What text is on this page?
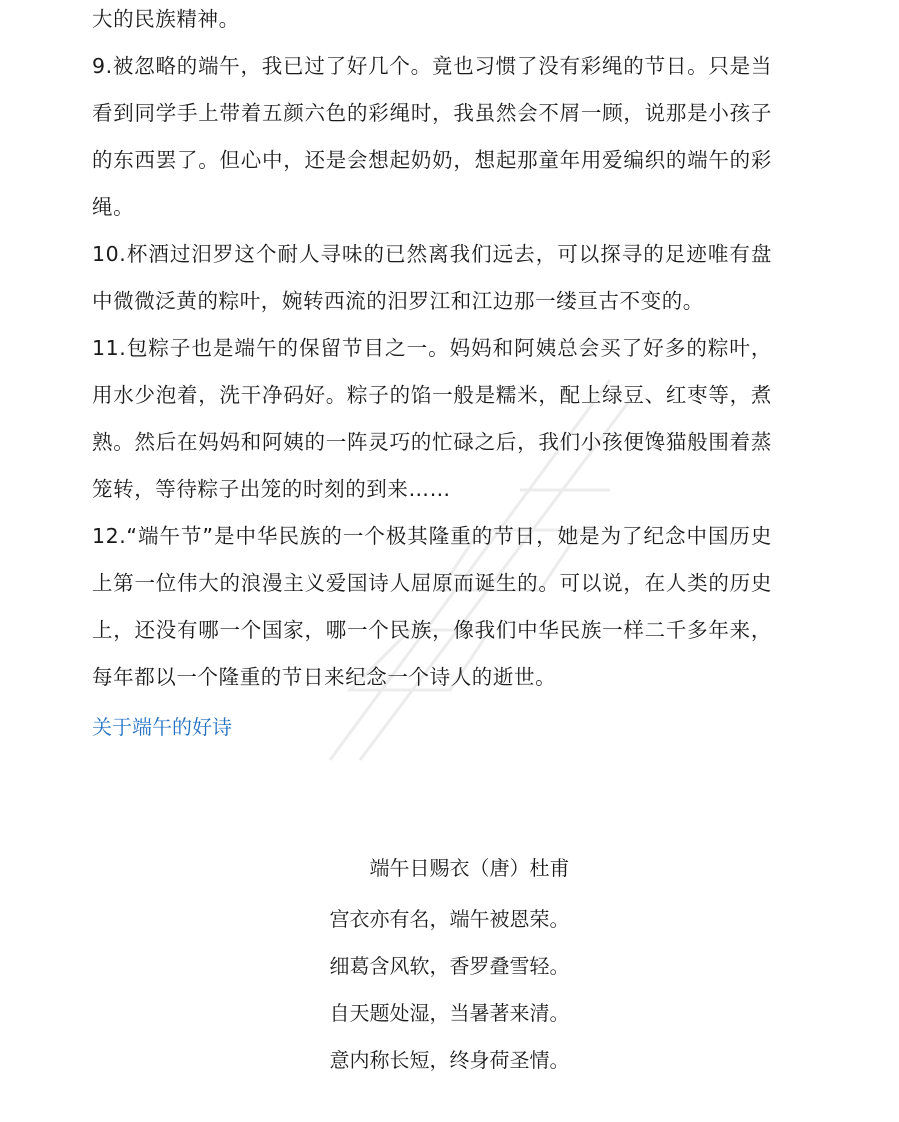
大的民族精神。

9.被忽略的端午，我已过了好几个。竟也习惯了没有彩绳的节日。只是当看到同学手上带着五颜六色的彩绳时，我虽然会不屑一顾，说那是小孩子的东西罢了。但心中，还是会想起奶奶，想起那童年用爱编织的端午的彩绳。

10.杯酒过汨罗这个耐人寻味的已然离我们远去，可以探寻的足迹唯有盘中微微泛黄的粽叶，婉转西流的汨罗江和江边那一缕亘古不变的。

11.包粽子也是端午的保留节目之一。妈妈和阿姨总会买了好多的粽叶，用水少泡着，洗干净码好。粽子的馅一般是糯米，配上绿豆、红枣等，煮熟。然后在妈妈和阿姨的一阵灵巧的忙碌之后，我们小孩便馋猫般围着蒸笼转，等待粽子出笼的时刻的到来……

12.“端午节”是中华民族的一个极其隆重的节日，她是为了纪念中国历史上第一位伟大的浪漫主义爱国诗人屈原而诞生的。可以说，在人类的历史上，还没有哪一个国家，哪一个民族，像我们中华民族一样二千多年来，每年都以一个隆重的节日来纪念一个诗人的逝世。

关于端午的好诗

端午日赐衣（唐）杜甫

宫衣亦有名，端午被恩荣。

细葛含风软，香罗叠雪轻。

自天题处湿，当暑著来清。

意内称长短，终身荷圣情。
